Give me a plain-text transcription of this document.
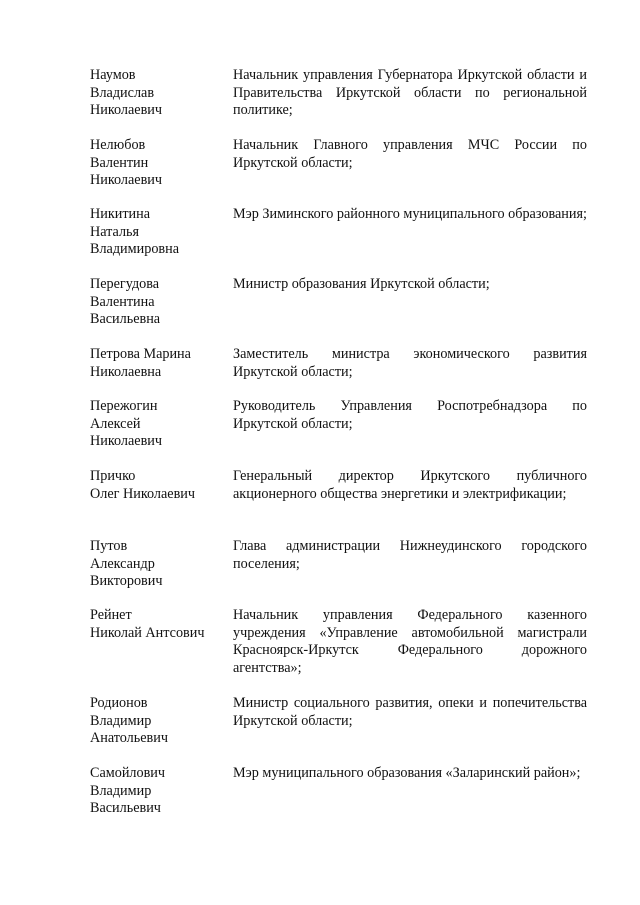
Наумов
Владислав
Николаевич
Начальник управления Губернатора Иркутской области и Правительства Иркутской области по региональной политике;
Нелюбов
Валентин
Николаевич
Начальник Главного управления МЧС России по Иркутской области;
Никитина
Наталья
Владимировна
Мэр Зиминского районного муниципального образования;
Перегудова
Валентина
Васильевна
Министр образования Иркутской области;
Петрова Марина
Николаевна
Заместитель министра экономического развития Иркутской области;
Пережогин
Алексей
Николаевич
Руководитель Управления Роспотребнадзора по Иркутской области;
Причко
Олег Николаевич
Генеральный директор Иркутского публичного акционерного общества энергетики и электрификации;
Путов
Александр
Викторович
Глава администрации Нижнеудинского городского поселения;
Рейнет
Николай Антсович
Начальник управления Федерального казенного учреждения «Управление автомобильной магистрали Красноярск-Иркутск Федерального дорожного агентства»;
Родионов
Владимир
Анатольевич
Министр социального развития, опеки и попечительства Иркутской области;
Самойлович
Владимир
Васильевич
Мэр муниципального образования «Заларинский район»;
